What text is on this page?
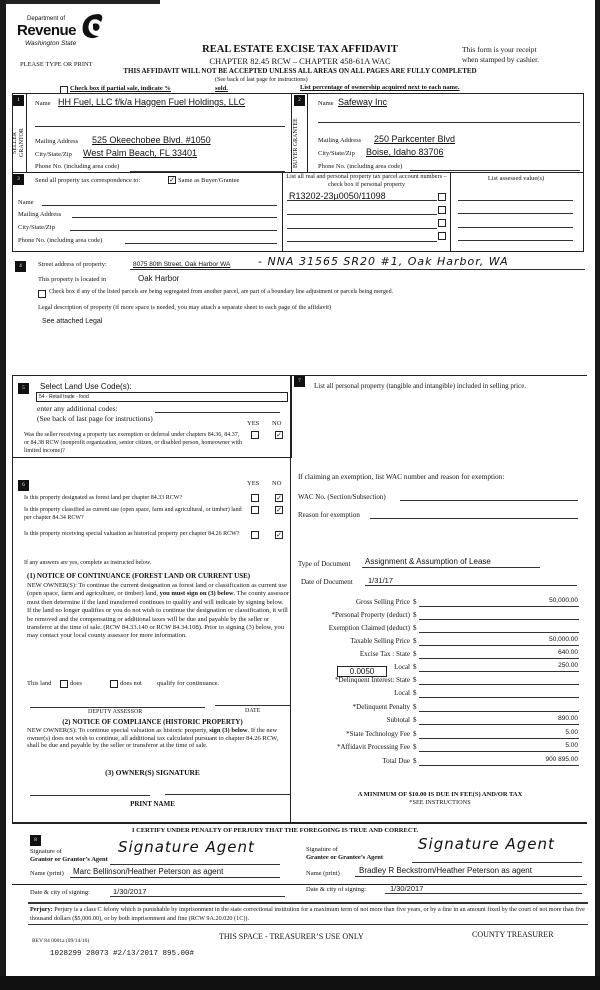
Department of
Revenue
Washington State
PLEASE TYPE OR PRINT
REAL ESTATE EXCISE TAX AFFIDAVIT
CHAPTER 82.45 RCW – CHAPTER 458-61A WAC
This form is your receipt
when stamped by cashier.
THIS AFFIDAVIT WILL NOT BE ACCEPTED UNLESS ALL AREAS ON ALL PAGES ARE FULLY COMPLETED
(See back of last page for instructions)
Check box if partial sale, indicate %	sold.	List percentage of ownership acquired next to each name.
1
SELLER GRANTOR
Name HH Fuel, LLC f/k/a Haggen Fuel Holdings, LLC
Mailing Address 525 Okeechobee Blvd. #1050
City/State/Zip West Palm Beach, FL 33401
Phone No. (including area code)
2
BUYER GRANTEE
Name Safeway Inc
Mailing Address 250 Parkcenter Blvd
City/State/Zip Boise, Idaho 83706
Phone No. (including area code)
3	Send all property tax correspondence to:	✓ Same as Buyer/Grantee
Name
Mailing Address
City/State/Zip
Phone No. (including area code)
List all real and personal property tax parcel account numbers – check box if personal property
R13202-23µ0050/11098
List assessed value(s)
4	Street address of property:	8075 80th Street, Oak Harbor WA	- NNA 31565 SR20 #1, Oak Harbor, WA
This property is located in	Oak Harbor
Check box if any of the listed parcels are being segregated from another parcel, are part of a boundary line adjustment or parcels being merged.
Legal description of property (if more space is needed, you may attach a separate sheet to each page of the affidavit)
See attached Legal
5	Select Land Use Code(s):
54 - Retail trade - food
enter any additional codes:
(See back of last page for instructions)
YES NO
Was the seller receiving a property tax exemption or deferral under chapters 84.36, 84.37, or 84.38 RCW (nonprofit organization, senior citizen, or disabled person, homeowner with limited income)?
✓
6	YES NO
Is this property designated as forest land per chapter 84.33 RCW?	✓
Is this property classified as current use (open space, farm and agricultural, or timber) land per chapter 84.34 RCW?
✓
Is this property receiving special valuation as historical property per chapter 84.26 RCW?	✓
If any answers are yes, complete as instructed below.
(1) NOTICE OF CONTINUANCE (FOREST LAND OR CURRENT USE)
NEW OWNER(S): To continue the current designation as forest land or classification as current use (open space, farm and agriculture, or timber) land, you must sign on (3) below. The county assessor must then determine if the land transferred continues to qualify and will indicate by signing below. If the land no longer qualifies or you do not wish to continue the designation or classification, it will be removed and the compensating or additional taxes will be due and payable by the seller or transferor at the time of sale. (RCW 84.33.140 or RCW 84.34.108). Prior to signing (3) below, you may contact your local county assessor for more information.
This land	does	does not qualify for continuance.
DEPUTY ASSESSOR	DATE
(2) NOTICE OF COMPLIANCE (HISTORIC PROPERTY)
NEW OWNER(S): To continue special valuation as historic property, sign (3) below. If the new owner(s) does not wish to continue, all additional tax calculated pursuant to chapter 84.26 RCW, shall be due and payable by the seller or transferor at the time of sale.
(3) OWNER(S) SIGNATURE
PRINT NAME
7
List all personal property (tangible and intangible) included in selling price.
If claiming an exemption, list WAC number and reason for exemption:
WAC No. (Section/Subsection)
Reason for exemption
Type of Document Assignment & Assumption of Lease
Date of Document 1/31/17
Gross Selling Price $	50,000.00
*Personal Property (deduct) $
Exemption Claimed (deduct) $
Taxable Selling Price $	50,000.00
Excise Tax : State $	640.00
Local $	250.00
*Delinquent Interest: State $
Local $
*Delinquent Penalty $
Subtotal $	890.00
*State Technology Fee $	5.00
*Affidavit Processing Fee $	5.00
Total Due $	900 895.00
0.0050
A MINIMUM OF $10.00 IS DUE IN FEE(S) AND/OR TAX
*SEE INSTRUCTIONS
8
I CERTIFY UNDER PENALTY OF PERJURY THAT THE FOREGOING IS TRUE AND CORRECT.
Signature of
Grantor or Grantor’s Agent
Signature Agent
Name (print) Marc Bellinson/Heather Peterson as agent
Date & city of signing:	1/30/2017
Signature of
Grantee or Grantee’s Agent
Signature Agent
Name (print) Bradley R Beckstrom/Heather Peterson as agent
Date & city of signing:	1/30/2017
Perjury: Perjury is a class C felony which is punishable by imprisonment in the state correctional institution for a maximum term of not more than five years, or by a fine in an amount fixed by the court of not more than five thousand dollars ($5,000.00), or by both imprisonment and fine (RCW 9A.20.020 (1C)).
REV 84 0001a (09/14/16)	THIS SPACE - TREASURER’S USE ONLY	COUNTY TREASURER
1028299 28073 #2/13/2017 895.00#
